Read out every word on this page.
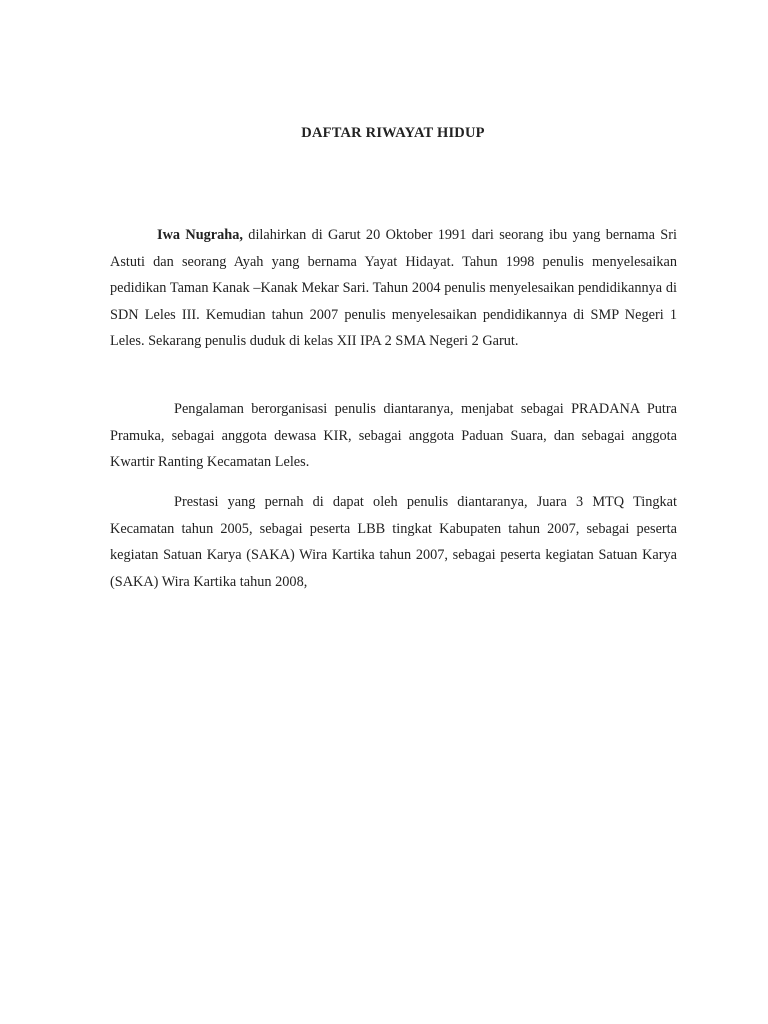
DAFTAR RIWAYAT HIDUP

Iwa Nugraha, dilahirkan di Garut 20 Oktober 1991 dari seorang ibu yang bernama Sri Astuti dan seorang Ayah yang bernama Yayat Hidayat. Tahun 1998 penulis menyelesaikan pedidikan Taman Kanak –Kanak Mekar Sari. Tahun 2004 penulis menyelesaikan pendidikannya di SDN Leles III. Kemudian tahun 2007 penulis menyelesaikan pendidikannya di SMP Negeri 1 Leles. Sekarang penulis duduk di kelas XII IPA 2 SMA Negeri 2 Garut.

Pengalaman berorganisasi penulis diantaranya, menjabat sebagai PRADANA Putra Pramuka, sebagai anggota dewasa KIR, sebagai anggota Paduan Suara, dan sebagai anggota Kwartir Ranting Kecamatan Leles.

Prestasi yang pernah di dapat oleh penulis diantaranya, Juara 3 MTQ Tingkat Kecamatan tahun 2005, sebagai peserta LBB tingkat Kabupaten tahun 2007, sebagai peserta kegiatan Satuan Karya (SAKA) Wira Kartika tahun 2007, sebagai peserta kegiatan Satuan Karya (SAKA) Wira Kartika tahun 2008,
